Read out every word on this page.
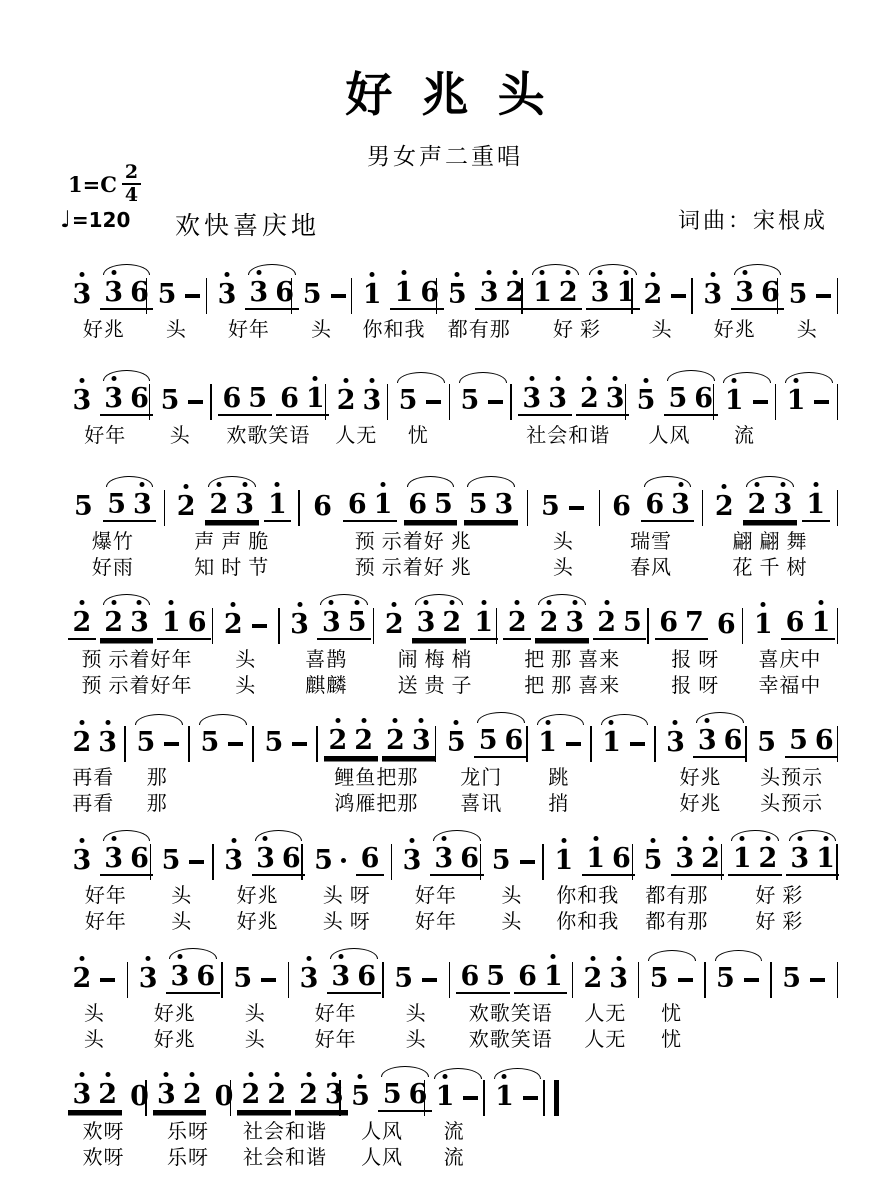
好兆头
男女声二重唱
$1=C \frac{2}{4}$
♩ =120 欢快喜庆地	词曲：宋根成
3 3 6
好兆
5
头
3 3 6
好年
5
头
1 1 6
你和我
5 3 2
都有那
1 2 3 1
好 彩
2
头
3 3 6
好兆
5
头
3 3 6
好年
5
头
6 5 6 1
欢歌笑语
2 3
人无
5
忧
5 3 3 2 3
社会和谐
5 5 6
人风
1
流
1
5 5 3
爆竹
好雨
2 2 3 1
声 声 脆
知 时 节
6 6 1 6 5 5 3
预 示着好 兆
预 示着好 兆
5
头
头
6 6 3
瑞雪
春风
2 2 3 1
翩 翩 舞
花 千 树
2 2 3 1 6
预 示着好年
预 示着好年
2
头
头
3 3 5
喜鹊
麒麟
2 3 2 1
闹 梅 梢
送 贵 子
2 2 3 2 5
把 那 喜来
把 那 喜来
6 7 6
报 呀
报 呀
1 6 1
喜庆中
幸福中
2 3
再看
再看
5
那
那
5 5 2 2 2 3
鲤鱼把那
鸿雁把那
5 5 6
龙门
喜讯
1
跳
捎
1 3 3 6
好兆
好兆
5 5 6
头预示
头预示
3 3 6
好年
好年
5
头
头
3 3 6
好兆
好兆
5 6
头 呀
头 呀
3 3 6
好年
好年
5
头
头
1 1 6
你和我
你和我
5 3 2
都有那
都有那
1 2 3 1
好 彩
好 彩
2
头
头
3 3 6
好兆
好兆
5
头
头
3 3 6
好年
好年
5
头
头
6 5 6 1
欢歌笑语
欢歌笑语
2 3
人无
人无
5
忧
忧
5 5
3 2 0
欢呀
欢呀
3 2 0
乐呀
乐呀
2 2 2 3
社会和谐
社会和谐
5 5 6
人风
人风
1
流
流
1
